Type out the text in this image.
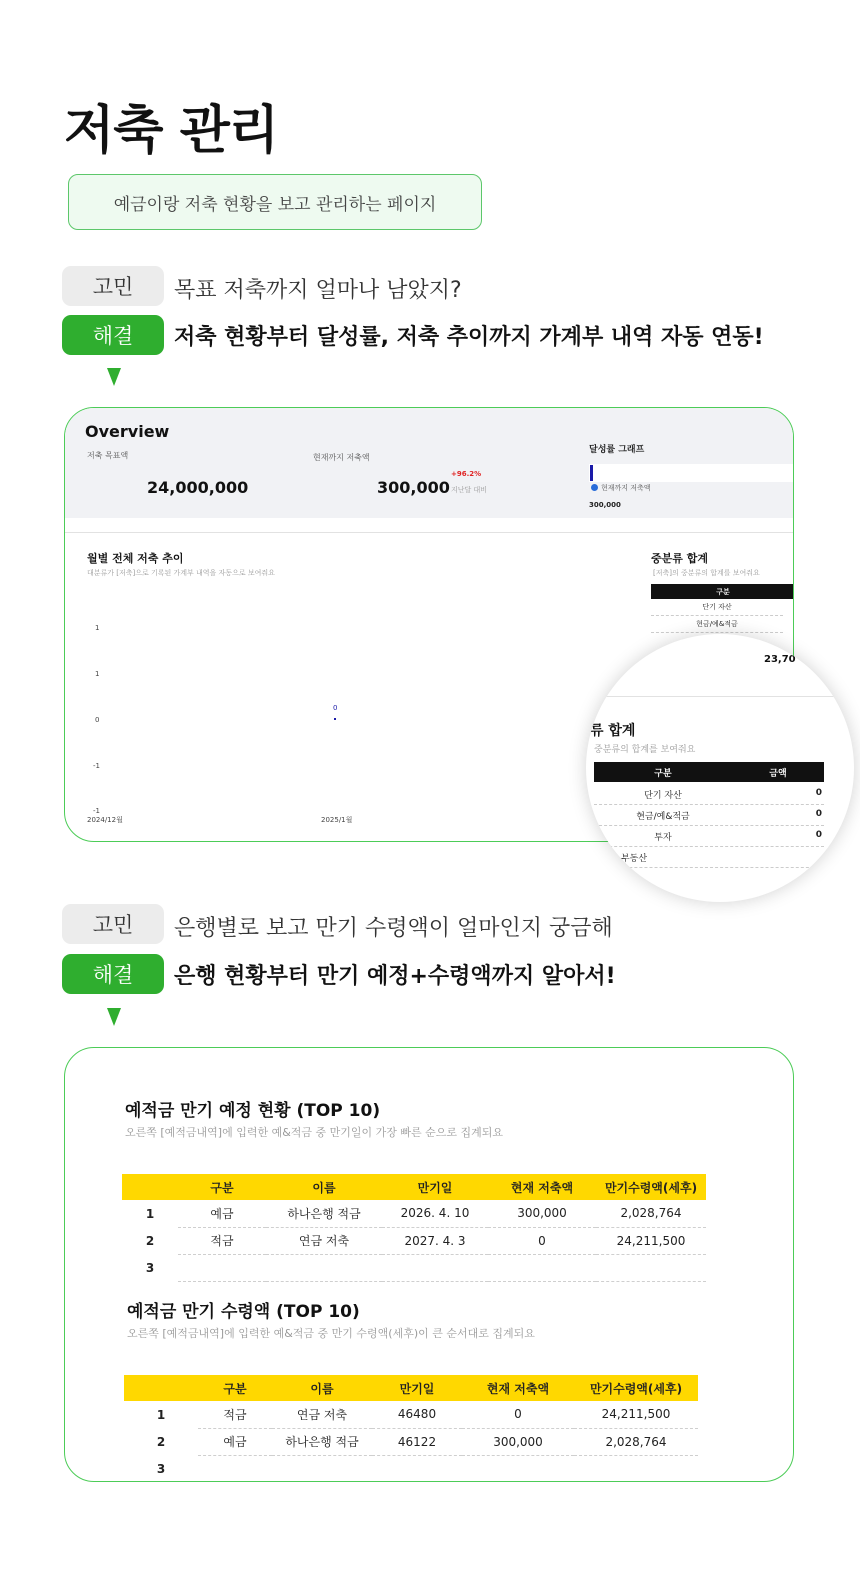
저축 관리
예금이랑 저축 현황을 보고 관리하는 페이지
고민	목표 저축까지 얼마나 남았지?
해결	저축 현황부터 달성률, 저축 추이까지 가계부 내역 자동 연동!
Overview
저축 목표액
24,000,000
현재까지 저축액
300,000
+96.2%
지난달 대비
달성률 그래프
현재까지 저축액
300,000
월별 전체 저축 추이
대분류가 [저축]으로 기록된 가계부 내역을 자동으로 보여줘요
1
1
0
-1
-1
0
2024/12월	2025/1월
중분류 합계
[저축]의 중분류의 합계를 보여줘요
구분
단기 자산
현금/예&적금
23,70
류 합계
중분류의 합계를 보여줘요
구분	금액
단기 자산	0
현금/예&적금	0
투자	0
부동산
고민	은행별로 보고 만기 수령액이 얼마인지 궁금해
해결	은행 현황부터 만기 예정+수령액까지 알아서!
예적금 만기 예정 현황 (TOP 10)
오른쪽 [예적금내역]에 입력한 예&적금 중 만기일이 가장 빠른 순으로 집계되요
	구분	이름	만기일	현재 저축액	만기수령액(세후)
1	예금	하나은행 적금	2026. 4. 10	300,000	2,028,764
2	적금	연금 저축	2027. 4. 3	0	24,211,500
3					
예적금 만기 수령액 (TOP 10)
오른쪽 [예적금내역]에 입력한 예&적금 중 만기 수령액(세후)이 큰 순서대로 집계되요
	구분	이름	만기일	현재 저축액	만기수령액(세후)
1	적금	연금 저축	46480	0	24,211,500
2	예금	하나은행 적금	46122	300,000	2,028,764
3					
